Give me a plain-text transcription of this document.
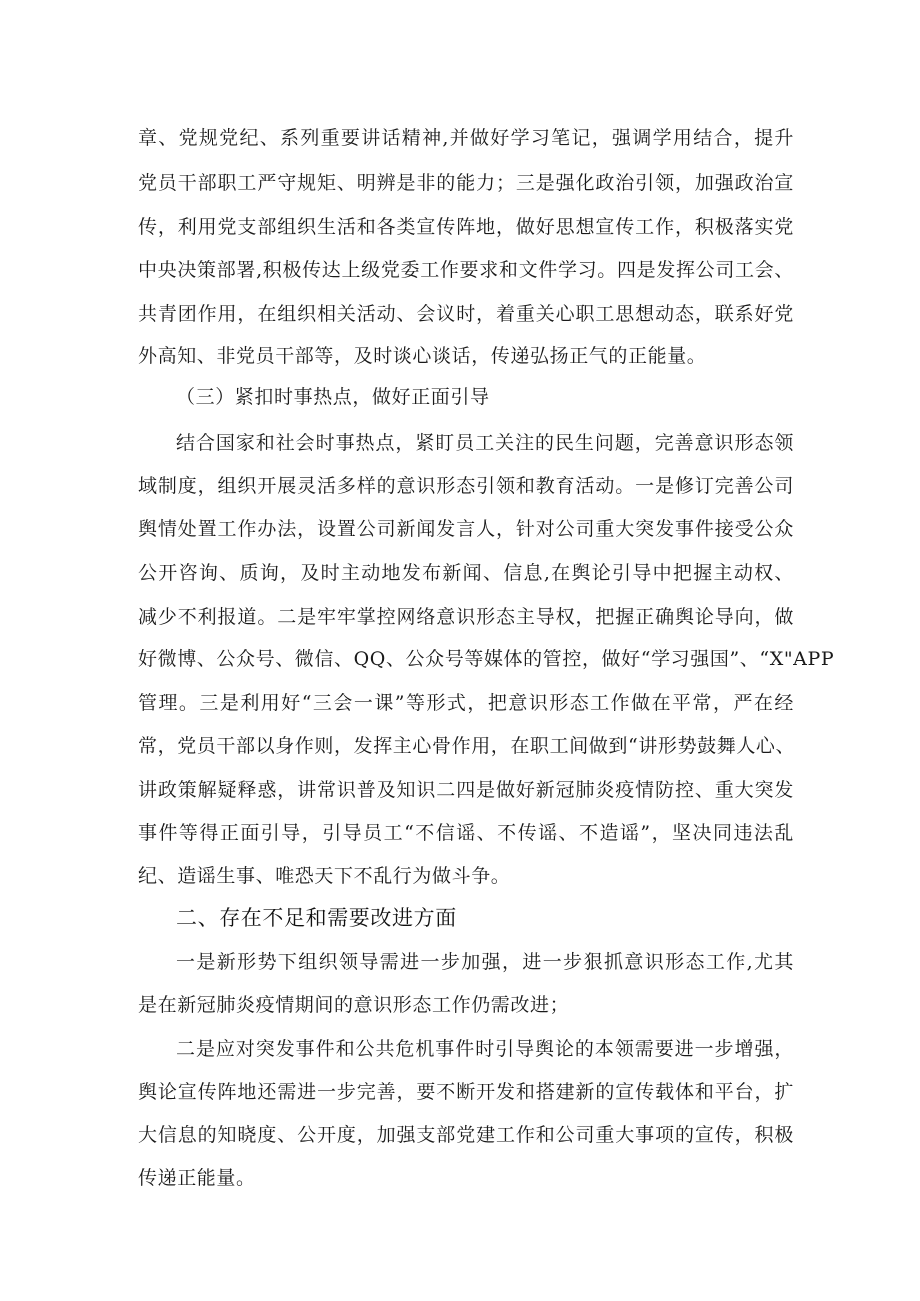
章、党规党纪、系列重要讲话精神,并做好学习笔记，强调学用结合，提升
党员干部职工严守规矩、明辨是非的能力；三是强化政治引领，加强政治宣
传，利用党支部组织生活和各类宣传阵地，做好思想宣传工作，积极落实党
中央决策部署,积极传达上级党委工作要求和文件学习。四是发挥公司工会、
共青团作用，在组织相关活动、会议时，着重关心职工思想动态，联系好党
外高知、非党员干部等，及时谈心谈话，传递弘扬正气的正能量。
（三）紧扣时事热点，做好正面引导
结合国家和社会时事热点，紧盯员工关注的民生问题，完善意识形态领
域制度，组织开展灵活多样的意识形态引领和教育活动。一是修订完善公司
舆情处置工作办法，设置公司新闻发言人，针对公司重大突发事件接受公众
公开咨询、质询，及时主动地发布新闻、信息,在舆论引导中把握主动权、
减少不利报道。二是牢牢掌控网络意识形态主导权，把握正确舆论导向，做
好微博、公众号、微信、QQ、公众号等媒体的管控，做好“学习强国”、“X"APP
管理。三是利用好“三会一课”等形式，把意识形态工作做在平常，严在经
常，党员干部以身作则，发挥主心骨作用，在职工间做到“讲形势鼓舞人心、
讲政策解疑释惑，讲常识普及知识二四是做好新冠肺炎疫情防控、重大突发
事件等得正面引导，引导员工“不信谣、不传谣、不造谣”，坚决同违法乱
纪、造谣生事、唯恐天下不乱行为做斗争。
二、存在不足和需要改进方面
一是新形势下组织领导需进一步加强，进一步狠抓意识形态工作,尤其
是在新冠肺炎疫情期间的意识形态工作仍需改进；
二是应对突发事件和公共危机事件时引导舆论的本领需要进一步增强，
舆论宣传阵地还需进一步完善，要不断开发和搭建新的宣传载体和平台，扩
大信息的知晓度、公开度，加强支部党建工作和公司重大事项的宣传，积极
传递正能量。
